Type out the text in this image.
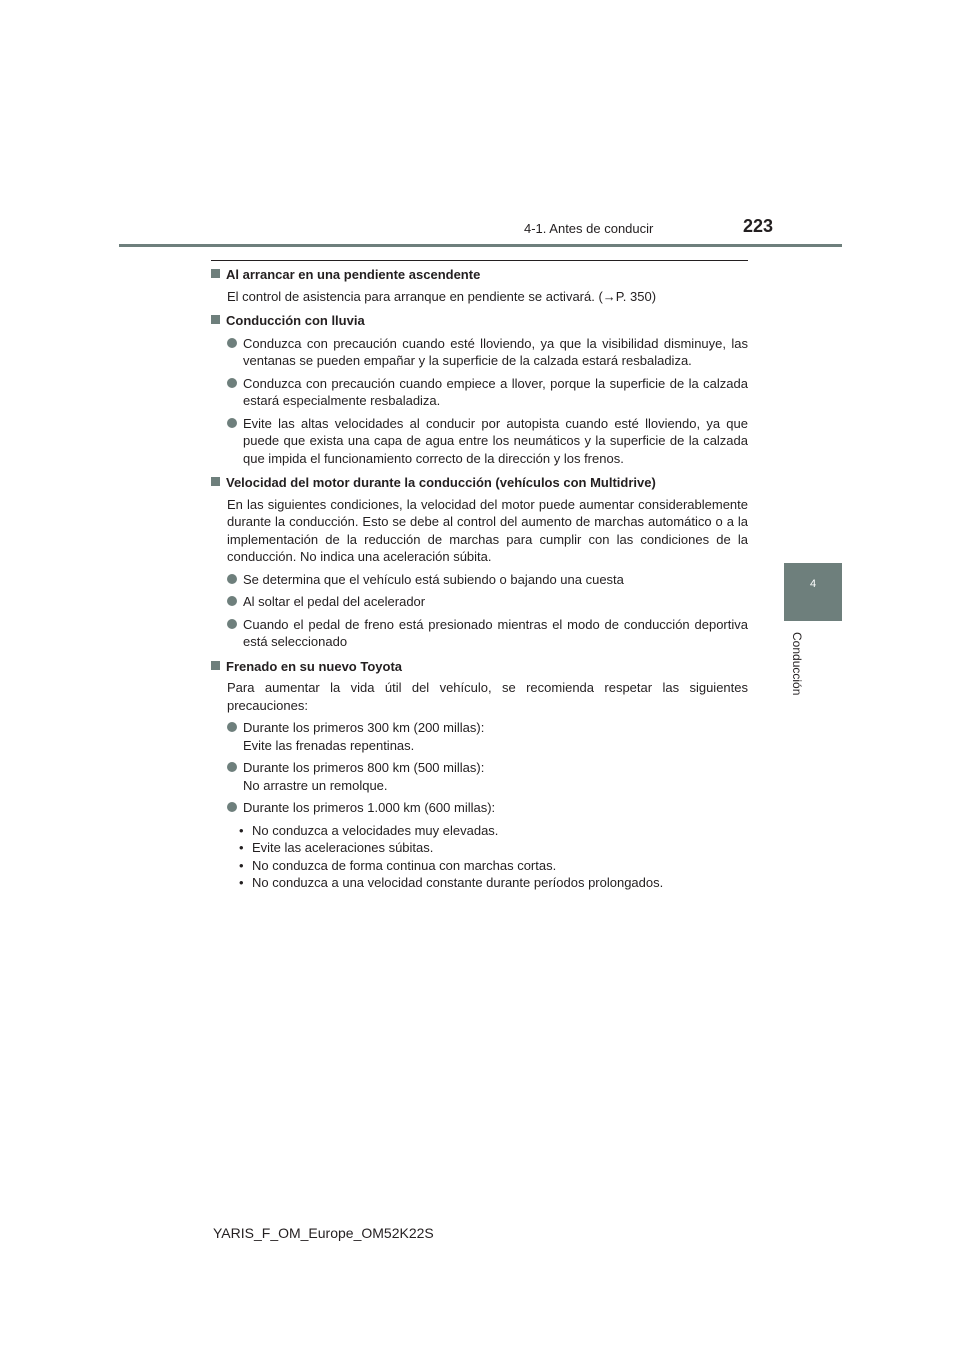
4-1. Antes de conducir	223
4
Conducción
Al arrancar en una pendiente ascendente
El control de asistencia para arranque en pendiente se activará. (→P. 350)
Conducción con lluvia
Conduzca con precaución cuando esté lloviendo, ya que la visibilidad disminuye, las ventanas se pueden empañar y la superficie de la calzada estará resbaladiza.
Conduzca con precaución cuando empiece a llover, porque la superficie de la calzada estará especialmente resbaladiza.
Evite las altas velocidades al conducir por autopista cuando esté lloviendo, ya que puede que exista una capa de agua entre los neumáticos y la superficie de la calzada que impida el funcionamiento correcto de la dirección y los frenos.
Velocidad del motor durante la conducción (vehículos con Multidrive)
En las siguientes condiciones, la velocidad del motor puede aumentar considerablemente durante la conducción. Esto se debe al control del aumento de marchas automático o a la implementación de la reducción de marchas para cumplir con las condiciones de la conducción. No indica una aceleración súbita.
Se determina que el vehículo está subiendo o bajando una cuesta
Al soltar el pedal del acelerador
Cuando el pedal de freno está presionado mientras el modo de conducción deportiva está seleccionado
Frenado en su nuevo Toyota
Para aumentar la vida útil del vehículo, se recomienda respetar las siguientes precauciones:
Durante los primeros 300 km (200 millas):
Evite las frenadas repentinas.
Durante los primeros 800 km (500 millas):
No arrastre un remolque.
Durante los primeros 1.000 km (600 millas):
• No conduzca a velocidades muy elevadas.
• Evite las aceleraciones súbitas.
• No conduzca de forma continua con marchas cortas.
• No conduzca a una velocidad constante durante períodos prolongados.
YARIS_F_OM_Europe_OM52K22S
